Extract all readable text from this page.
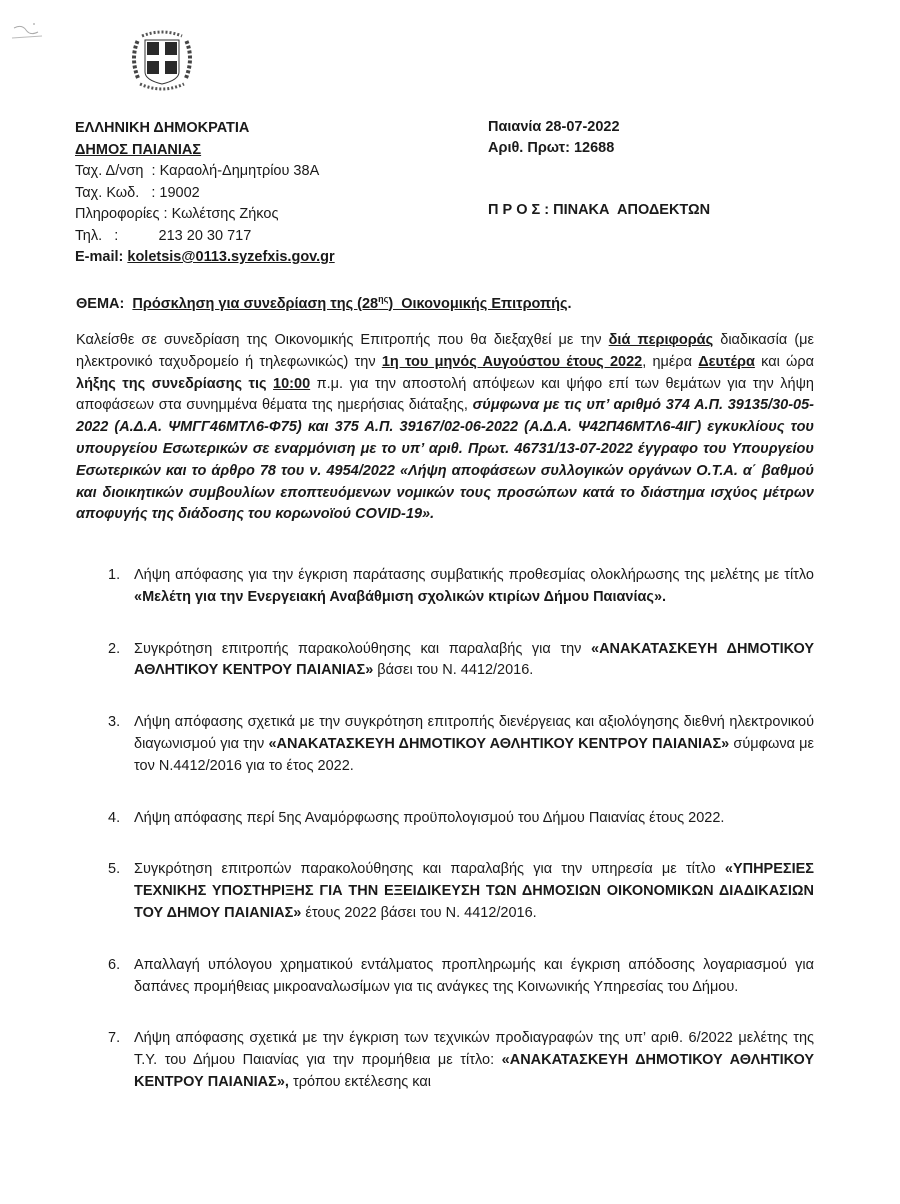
ΕΛΛΗΝΙΚΗ ΔΗΜΟΚΡΑΤΙΑ
ΔΗΜΟΣ ΠΑΙΑΝΙΑΣ
Ταχ. Δ/νση  : Καραολή-Δημητρίου 38Α
Ταχ. Κωδ.   : 19002
Πληροφορίες : Κωλέτσης Ζήκος
Τηλ.   :          213 20 30 717
E-mail: koletsis@0113.syzefxis.gov.gr
Παιανία 28-07-2022
Αριθ. Πρωτ: 12688
Π Ρ Ο Σ : ΠΙΝΑΚΑ  ΑΠΟΔΕΚΤΩΝ
ΘΕΜΑ:  Πρόσκληση για συνεδρίαση της $(28^{\eta\varsigma})$  Οικονομικής Επιτροπής.
Καλείσθε σε συνεδρίαση της Οικονομικής Επιτροπής που θα διεξαχθεί με την διά περιφοράς διαδικασία (με ηλεκτρονικό ταχυδρομείο ή τηλεφωνικώς) την 1η του μηνός Αυγούστου έτους 2022, ημέρα Δευτέρα και ώρα λήξης της συνεδρίασης τις 10:00 π.μ. για την αποστολή απόψεων και ψήφο επί των θεμάτων για την λήψη αποφάσεων στα συνημμένα θέματα της ημερήσιας διάταξης, σύμφωνα με τις υπ’ αριθμό 374 Α.Π. 39135/30-05-2022 (Α.Δ.Α. ΨΜΓΓ46ΜΤΛ6-Φ75) και 375 Α.Π. 39167/02-06-2022 (Α.Δ.Α. Ψ42Π46ΜΤΛ6-4ΙΓ) εγκυκλίους του υπουργείου Εσωτερικών σε εναρμόνιση με το υπ’ αριθ. Πρωτ. 46731/13-07-2022 έγγραφο του Υπουργείου Εσωτερικών και το άρθρο 78 του ν. 4954/2022 «Λήψη αποφάσεων συλλογικών οργάνων Ο.Τ.Α. α΄ βαθμού και διοικητικών συμβουλίων εποπτευόμενων νομικών τους προσώπων κατά το διάστημα ισχύος μέτρων αποφυγής της διάδοσης του κορωνοϊού COVID-19».
1. Λήψη απόφασης για την έγκριση παράτασης συμβατικής προθεσμίας ολοκλήρωσης της μελέτης με τίτλο «Μελέτη για την Ενεργειακή Αναβάθμιση σχολικών κτιρίων Δήμου Παιανίας».
2. Συγκρότηση επιτροπής παρακολούθησης και παραλαβής για την «ΑΝΑΚΑΤΑΣΚΕΥΗ ΔΗΜΟΤΙΚΟΥ ΑΘΛΗΤΙΚΟΥ ΚΕΝΤΡΟΥ ΠΑΙΑΝΙΑΣ» βάσει του Ν. 4412/2016.
3. Λήψη απόφασης σχετικά με την συγκρότηση επιτροπής διενέργειας και αξιολόγησης διεθνή ηλεκτρονικού διαγωνισμού για την «ΑΝΑΚΑΤΑΣΚΕΥΗ ΔΗΜΟΤΙΚΟΥ ΑΘΛΗΤΙΚΟΥ ΚΕΝΤΡΟΥ ΠΑΙΑΝΙΑΣ» σύμφωνα με τον Ν.4412/2016 για το έτος 2022.
4. Λήψη απόφασης περί 5ης Αναμόρφωσης προϋπολογισμού του Δήμου Παιανίας έτους 2022.
5. Συγκρότηση επιτροπών παρακολούθησης και παραλαβής για την υπηρεσία με τίτλο «ΥΠΗΡΕΣΙΕΣ ΤΕΧΝΙΚΗΣ ΥΠΟΣΤΗΡΙΞΗΣ ΓΙΑ ΤΗΝ ΕΞΕΙΔΙΚΕΥΣΗ ΤΩΝ ΔΗΜΟΣΙΩΝ ΟΙΚΟΝΟΜΙΚΩΝ ΔΙΑΔΙΚΑΣΙΩΝ ΤΟΥ ΔΗΜΟΥ ΠΑΙΑΝΙΑΣ» έτους 2022 βάσει του Ν. 4412/2016.
6. Απαλλαγή υπόλογου χρηματικού εντάλματος προπληρωμής και έγκριση απόδοσης λογαριασμού για δαπάνες προμήθειας μικροαναλωσίμων για τις ανάγκες της Κοινωνικής Υπηρεσίας του Δήμου.
7. Λήψη απόφασης σχετικά με την έγκριση των τεχνικών προδιαγραφών της υπ’ αριθ. 6/2022 μελέτης της Τ.Υ. του Δήμου Παιανίας για την προμήθεια με τίτλο: «ΑΝΑΚΑΤΑΣΚΕΥΗ ΔΗΜΟΤΙΚΟΥ ΑΘΛΗΤΙΚΟΥ ΚΕΝΤΡΟΥ ΠΑΙΑΝΙΑΣ», τρόπου εκτέλεσης και
